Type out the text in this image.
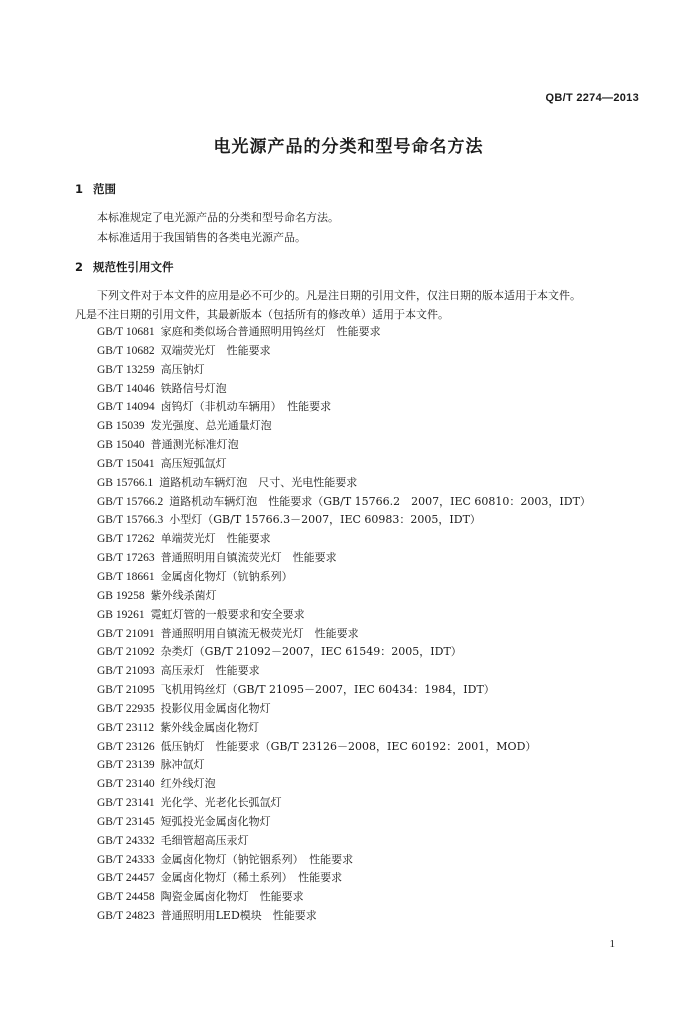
QB/T 2274—2013
电光源产品的分类和型号命名方法
1 范围
本标准规定了电光源产品的分类和型号命名方法。
本标准适用于我国销售的各类电光源产品。
2 规范性引用文件
下列文件对于本文件的应用是必不可少的。凡是注日期的引用文件，仅注日期的版本适用于本文件。
凡是不注日期的引用文件，其最新版本（包括所有的修改单）适用于本文件。
GB/T 10681 家庭和类似场合普通照明用钨丝灯　性能要求
GB/T 10682 双端荧光灯　性能要求
GB/T 13259 高压钠灯
GB/T 14046 铁路信号灯泡
GB/T 14094 卤钨灯（非机动车辆用）　性能要求
GB 15039 发光强度、总光通量灯泡
GB 15040 普通测光标准灯泡
GB/T 15041 高压短弧氙灯
GB 15766.1 道路机动车辆灯泡　尺寸、光电性能要求
GB/T 15766.2 道路机动车辆灯泡　性能要求（GB/T 15766.2　2007，IEC 60810：2003，IDT）
GB/T 15766.3 小型灯（GB/T 15766.3－2007，IEC 60983：2005，IDT）
GB/T 17262 单端荧光灯　性能要求
GB/T 17263 普通照明用自镇流荧光灯　性能要求
GB/T 18661 金属卤化物灯（钪钠系列）
GB 19258 紫外线杀菌灯
GB 19261 霓虹灯管的一般要求和安全要求
GB/T 21091 普通照明用自镇流无极荧光灯　性能要求
GB/T 21092 杂类灯（GB/T 21092－2007，IEC 61549：2005，IDT）
GB/T 21093 高压汞灯　性能要求
GB/T 21095 飞机用钨丝灯（GB/T 21095－2007，IEC 60434：1984，IDT）
GB/T 22935 投影仪用金属卤化物灯
GB/T 23112 紫外线金属卤化物灯
GB/T 23126 低压钠灯　性能要求（GB/T 23126－2008，IEC 60192：2001，MOD）
GB/T 23139 脉冲氙灯
GB/T 23140 红外线灯泡
GB/T 23141 光化学、光老化长弧氙灯
GB/T 23145 短弧投光金属卤化物灯
GB/T 24332 毛细管超高压汞灯
GB/T 24333 金属卤化物灯（钠铊铟系列）　性能要求
GB/T 24457 金属卤化物灯（稀土系列）　性能要求
GB/T 24458 陶瓷金属卤化物灯　性能要求
GB/T 24823 普通照明用LED模块　性能要求
1
